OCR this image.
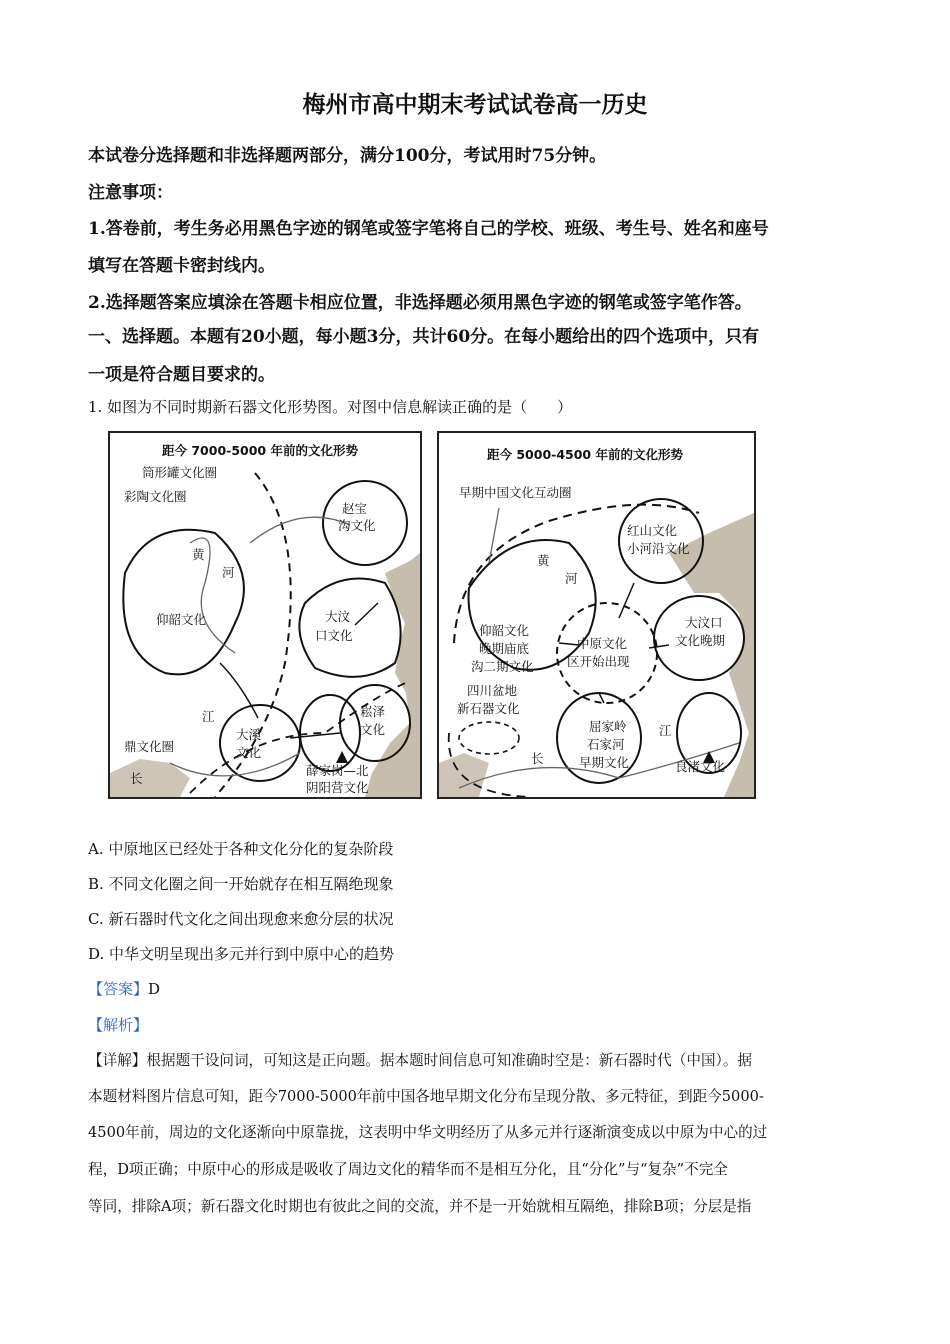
梅州市高中期末考试试卷高一历史
本试卷分选择题和非选择题两部分，满分100分，考试用时75分钟。
注意事项：
1.答卷前，考生务必用黑色字迹的钢笔或签字笔将自己的学校、班级、考生号、姓名和座号
填写在答题卡密封线内。
2.选择题答案应填涂在答题卡相应位置，非选择题必须用黑色字迹的钢笔或签字笔作答。
一、选择题。本题有20小题，每小题3分，共计60分。在每小题给出的四个选项中，只有
一项是符合题目要求的。
1. 如图为不同时期新石器文化形势图。对图中信息解读正确的是（　　）
距今 7000-5000 年前的文化形势
筒形罐文化圈
彩陶文化圈
赵宝
沟文化
黄
河
仰韶文化	大汶
口文化
崧泽
文化
大溪
文化
江
鼎文化圈
长
薛家岗—北
阴阳营文化
距今 5000-4500 年前的文化形势
早期中国文化互动圈
红山文化
小河沿文化
黄
河
仰韶文化
晚期庙底
沟二期文化
中原文化
区开始出现
大汶口
文化晚期
四川盆地
新石器文化
屈家岭
石家河
早期文化
江
长
良渚文化
A. 中原地区已经处于各种文化分化的复杂阶段
B. 不同文化圈之间一开始就存在相互隔绝现象
C. 新石器时代文化之间出现愈来愈分层的状况
D. 中华文明呈现出多元并行到中原中心的趋势
【答案】D
【解析】
【详解】根据题干设问词，可知这是正向题。据本题时间信息可知准确时空是：新石器时代（中国）。据
本题材料图片信息可知，距今7000-5000年前中国各地早期文化分布呈现分散、多元特征，到距今5000-
4500年前，周边的文化逐渐向中原靠拢，这表明中华文明经历了从多元并行逐渐演变成以中原为中心的过
程，D项正确；中原中心的形成是吸收了周边文化的精华而不是相互分化，且“分化”与“复杂”不完全
等同，排除A项；新石器文化时期也有彼此之间的交流，并不是一开始就相互隔绝，排除B项；分层是指
